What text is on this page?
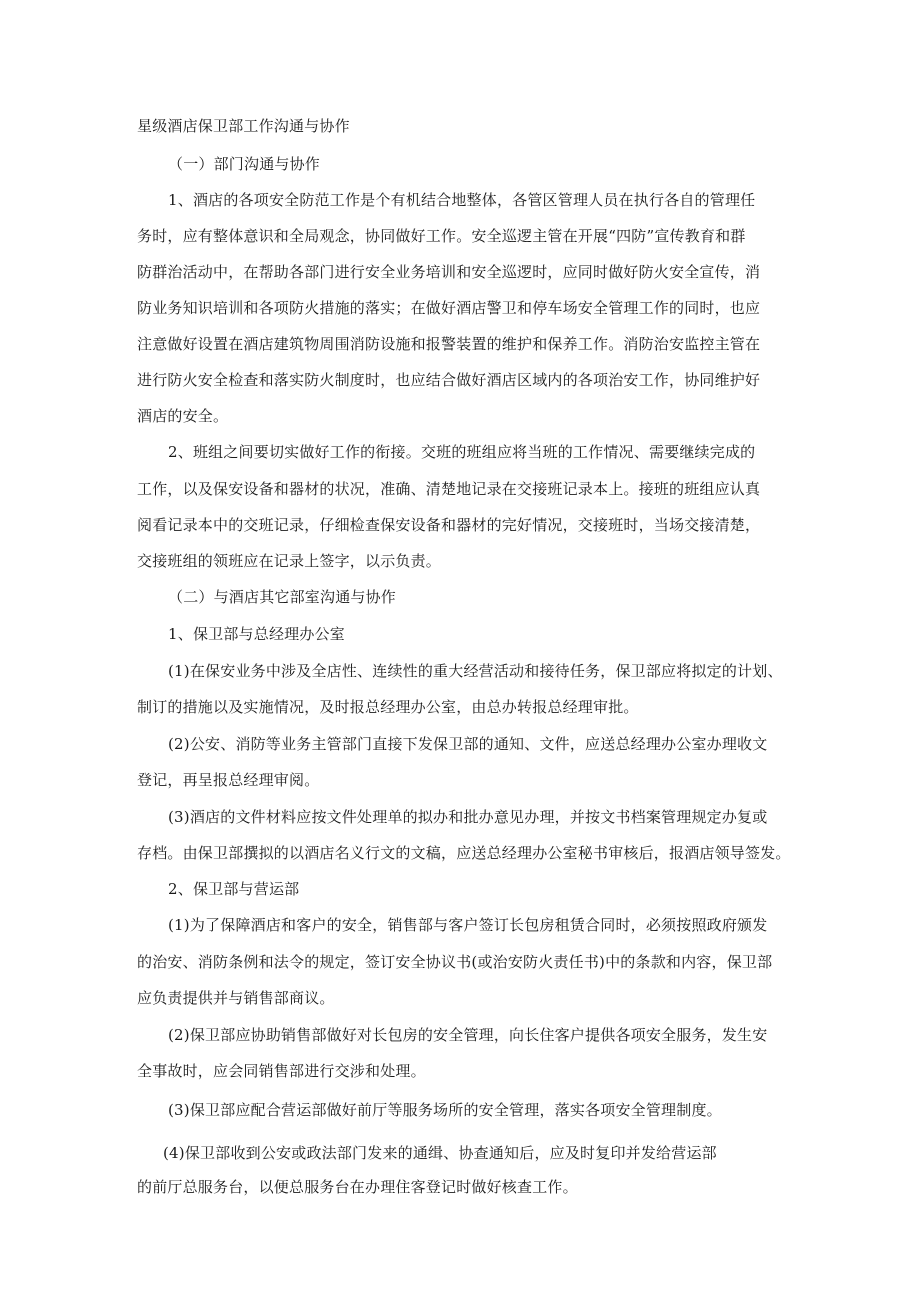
星级酒店保卫部工作沟通与协作
（一）部门沟通与协作
1、酒店的各项安全防范工作是个有机结合地整体，各管区管理人员在执行各自的管理任
务时，应有整体意识和全局观念，协同做好工作。安全巡逻主管在开展“四防”宣传教育和群
防群治活动中，在帮助各部门进行安全业务培训和安全巡逻时，应同时做好防火安全宣传，消
防业务知识培训和各项防火措施的落实；在做好酒店警卫和停车场安全管理工作的同时，也应
注意做好设置在酒店建筑物周围消防设施和报警装置的维护和保养工作。消防治安监控主管在
进行防火安全检查和落实防火制度时，也应结合做好酒店区域内的各项治安工作，协同维护好
酒店的安全。
2、班组之间要切实做好工作的衔接。交班的班组应将当班的工作情况、需要继续完成的
工作，以及保安设备和器材的状况，准确、清楚地记录在交接班记录本上。接班的班组应认真
阅看记录本中的交班记录，仔细检查保安设备和器材的完好情况，交接班时，当场交接清楚，
交接班组的领班应在记录上签字，以示负责。
（二）与酒店其它部室沟通与协作
1、保卫部与总经理办公室
(1)在保安业务中涉及全店性、连续性的重大经营活动和接待任务，保卫部应将拟定的计划、
制订的措施以及实施情况，及时报总经理办公室，由总办转报总经理审批。
(2)公安、消防等业务主管部门直接下发保卫部的通知、文件，应送总经理办公室办理收文
登记，再呈报总经理审阅。
(3)酒店的文件材料应按文件处理单的拟办和批办意见办理，并按文书档案管理规定办复或
存档。由保卫部撰拟的以酒店名义行文的文稿，应送总经理办公室秘书审核后，报酒店领导签发。
2、保卫部与营运部
(1)为了保障酒店和客户的安全，销售部与客户签订长包房租赁合同时，必须按照政府颁发
的治安、消防条例和法令的规定，签订安全协议书(或治安防火责任书)中的条款和内容，保卫部
应负责提供并与销售部商议。
(2)保卫部应协助销售部做好对长包房的安全管理，向长住客户提供各项安全服务，发生安
全事故时，应会同销售部进行交涉和处理。
(3)保卫部应配合营运部做好前厅等服务场所的安全管理，落实各项安全管理制度。
(4)保卫部收到公安或政法部门发来的通缉、协查通知后，应及时复印并发给营运部
的前厅总服务台，以便总服务台在办理住客登记时做好核查工作。
